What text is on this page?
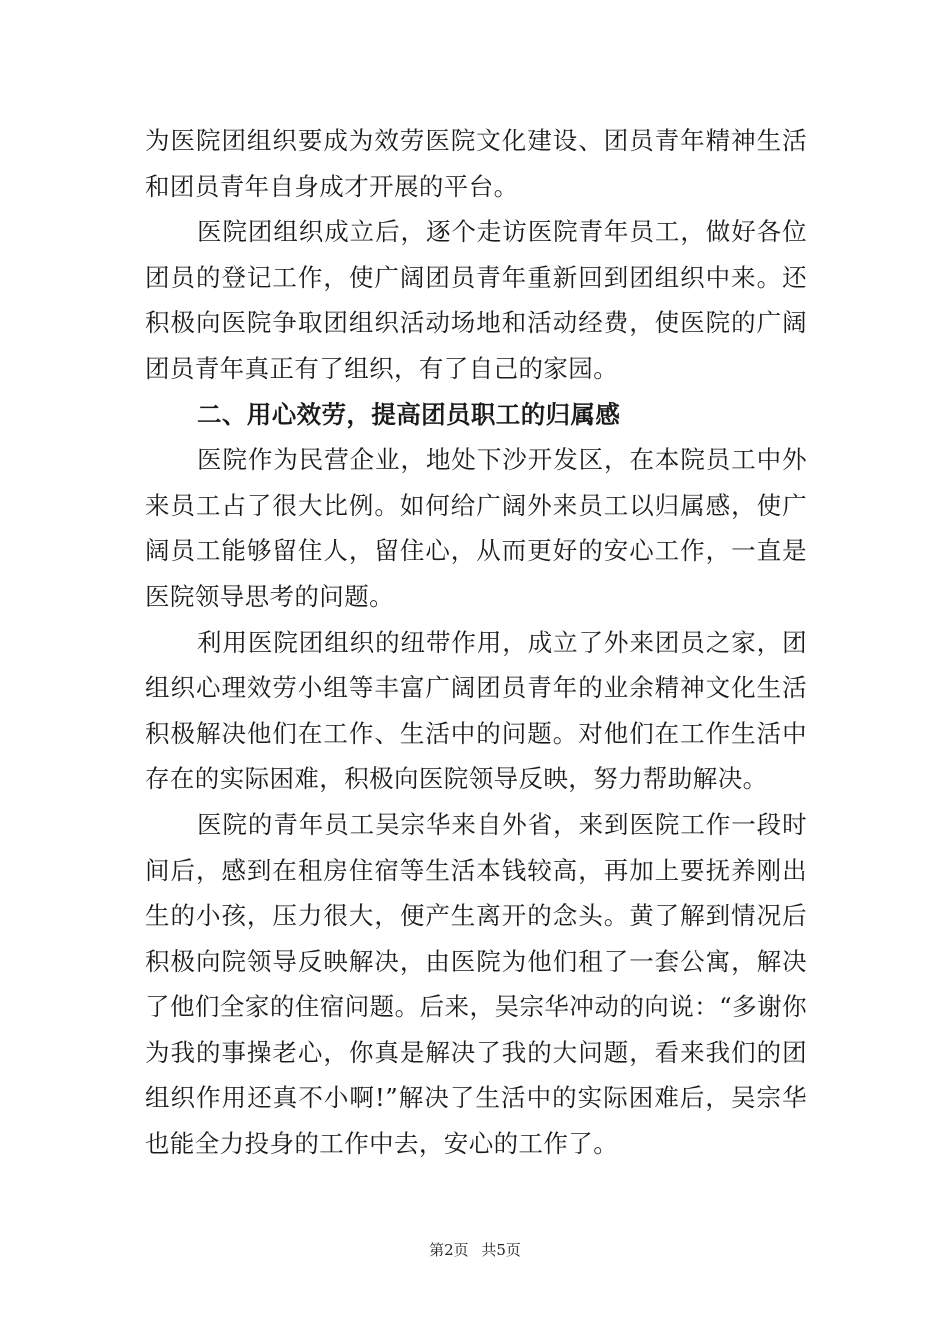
为医院团组织要成为效劳医院文化建设、团员青年精神生活和团员青年自身成才开展的平台。

医院团组织成立后，逐个走访医院青年员工，做好各位团员的登记工作，使广阔团员青年重新回到团组织中来。还积极向医院争取团组织活动场地和活动经费，使医院的广阔团员青年真正有了组织，有了自己的家园。

二、用心效劳，提高团员职工的归属感

医院作为民营企业，地处下沙开发区，在本院员工中外来员工占了很大比例。如何给广阔外来员工以归属感，使广阔员工能够留住人，留住心，从而更好的安心工作，一直是医院领导思考的问题。

利用医院团组织的纽带作用，成立了外来团员之家，团组织心理效劳小组等丰富广阔团员青年的业余精神文化生活积极解决他们在工作、生活中的问题。对他们在工作生活中存在的实际困难，积极向医院领导反映，努力帮助解决。

医院的青年员工吴宗华来自外省，来到医院工作一段时间后，感到在租房住宿等生活本钱较高，再加上要抚养刚出生的小孩，压力很大，便产生离开的念头。黄了解到情况后积极向院领导反映解决，由医院为他们租了一套公寓，解决了他们全家的住宿问题。后来，吴宗华冲动的向说：“多谢你为我的事操老心，你真是解决了我的大问题，看来我们的团组织作用还真不小啊!”解决了生活中的实际困难后，吴宗华也能全力投身的工作中去，安心的工作了。

第2页 共5页
